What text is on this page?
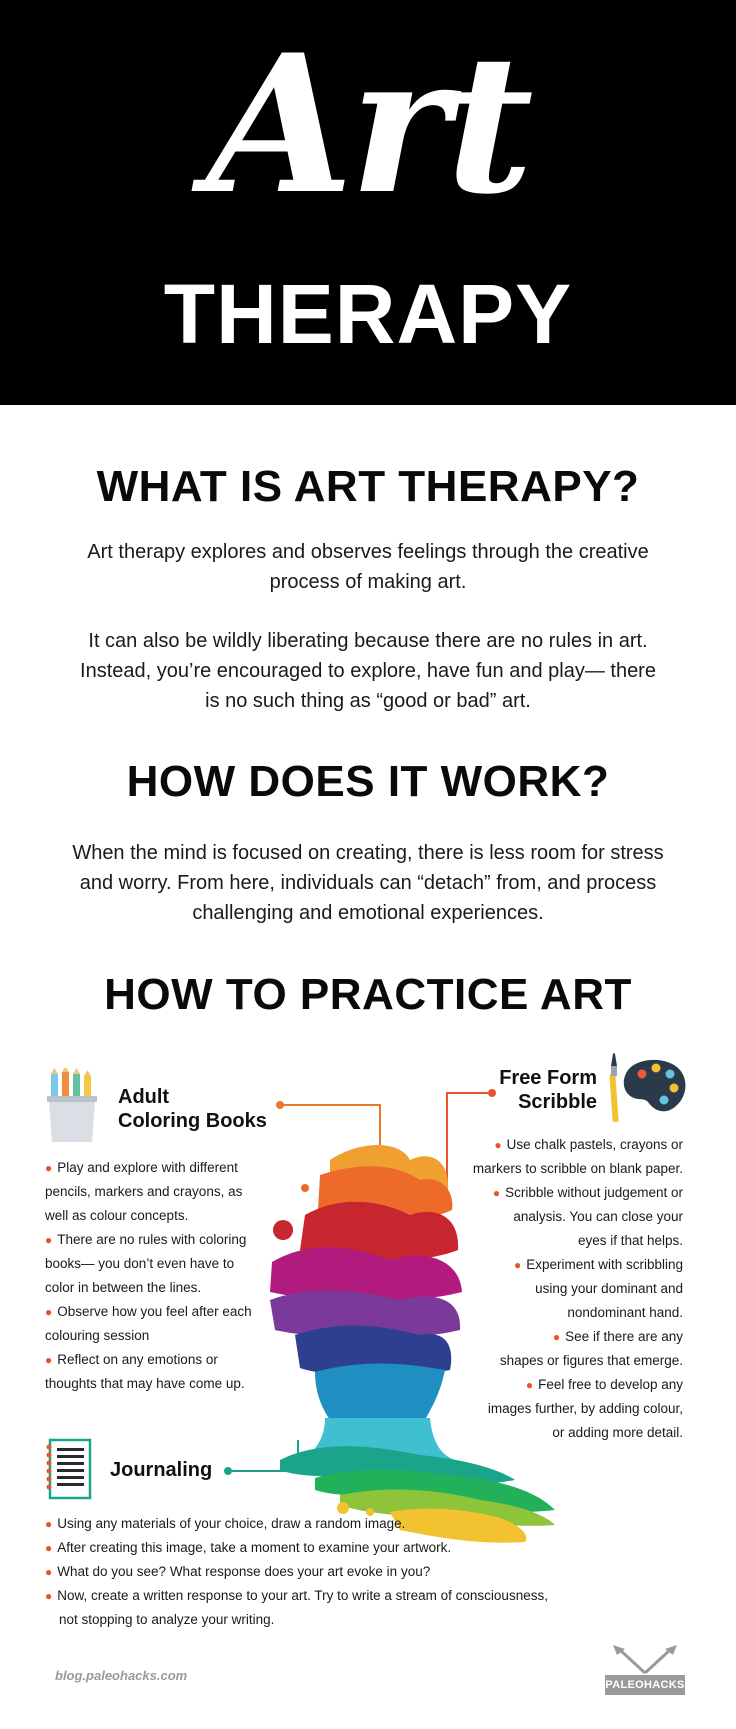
Art
THERAPY
WHAT IS ART THERAPY?
Art therapy explores and observes feelings through the creative
process of making art.
It can also be wildly liberating because there are no rules in art.
Instead, you’re encouraged to explore, have fun and play— there
is no such thing as “good or bad” art.
HOW DOES IT WORK?
When the mind is focused on creating, there is less room for stress
and worry. From here, individuals can “detach” from, and process
challenging and emotional experiences.
HOW TO PRACTICE ART
Adult
Coloring Books
● Play and explore with different
pencils, markers and crayons, as
well as colour concepts.
● There are no rules with coloring
books— you don’t even have to
color in between the lines.
● Observe how you feel after each
colouring session
● Reflect on any emotions or
thoughts that may have come up.
Free Form
Scribble
● Use chalk pastels, crayons or
markers to scribble on blank paper.
● Scribble without judgement or
analysis. You can close your
eyes if that helps.
● Experiment with scribbling
using your dominant and
nondominant hand.
● See if there are any
shapes or figures that emerge.
● Feel free to develop any
images further, by adding colour,
or adding more detail.
Journaling
● Using any materials of your choice, draw a random image.
● After creating this image, take a moment to examine your artwork.
● What do you see? What response does your art evoke in you?
● Now, create a written response to your art. Try to write a stream of consciousness,
not stopping to analyze your writing.
blog.paleohacks.com
PALEOHACKS
